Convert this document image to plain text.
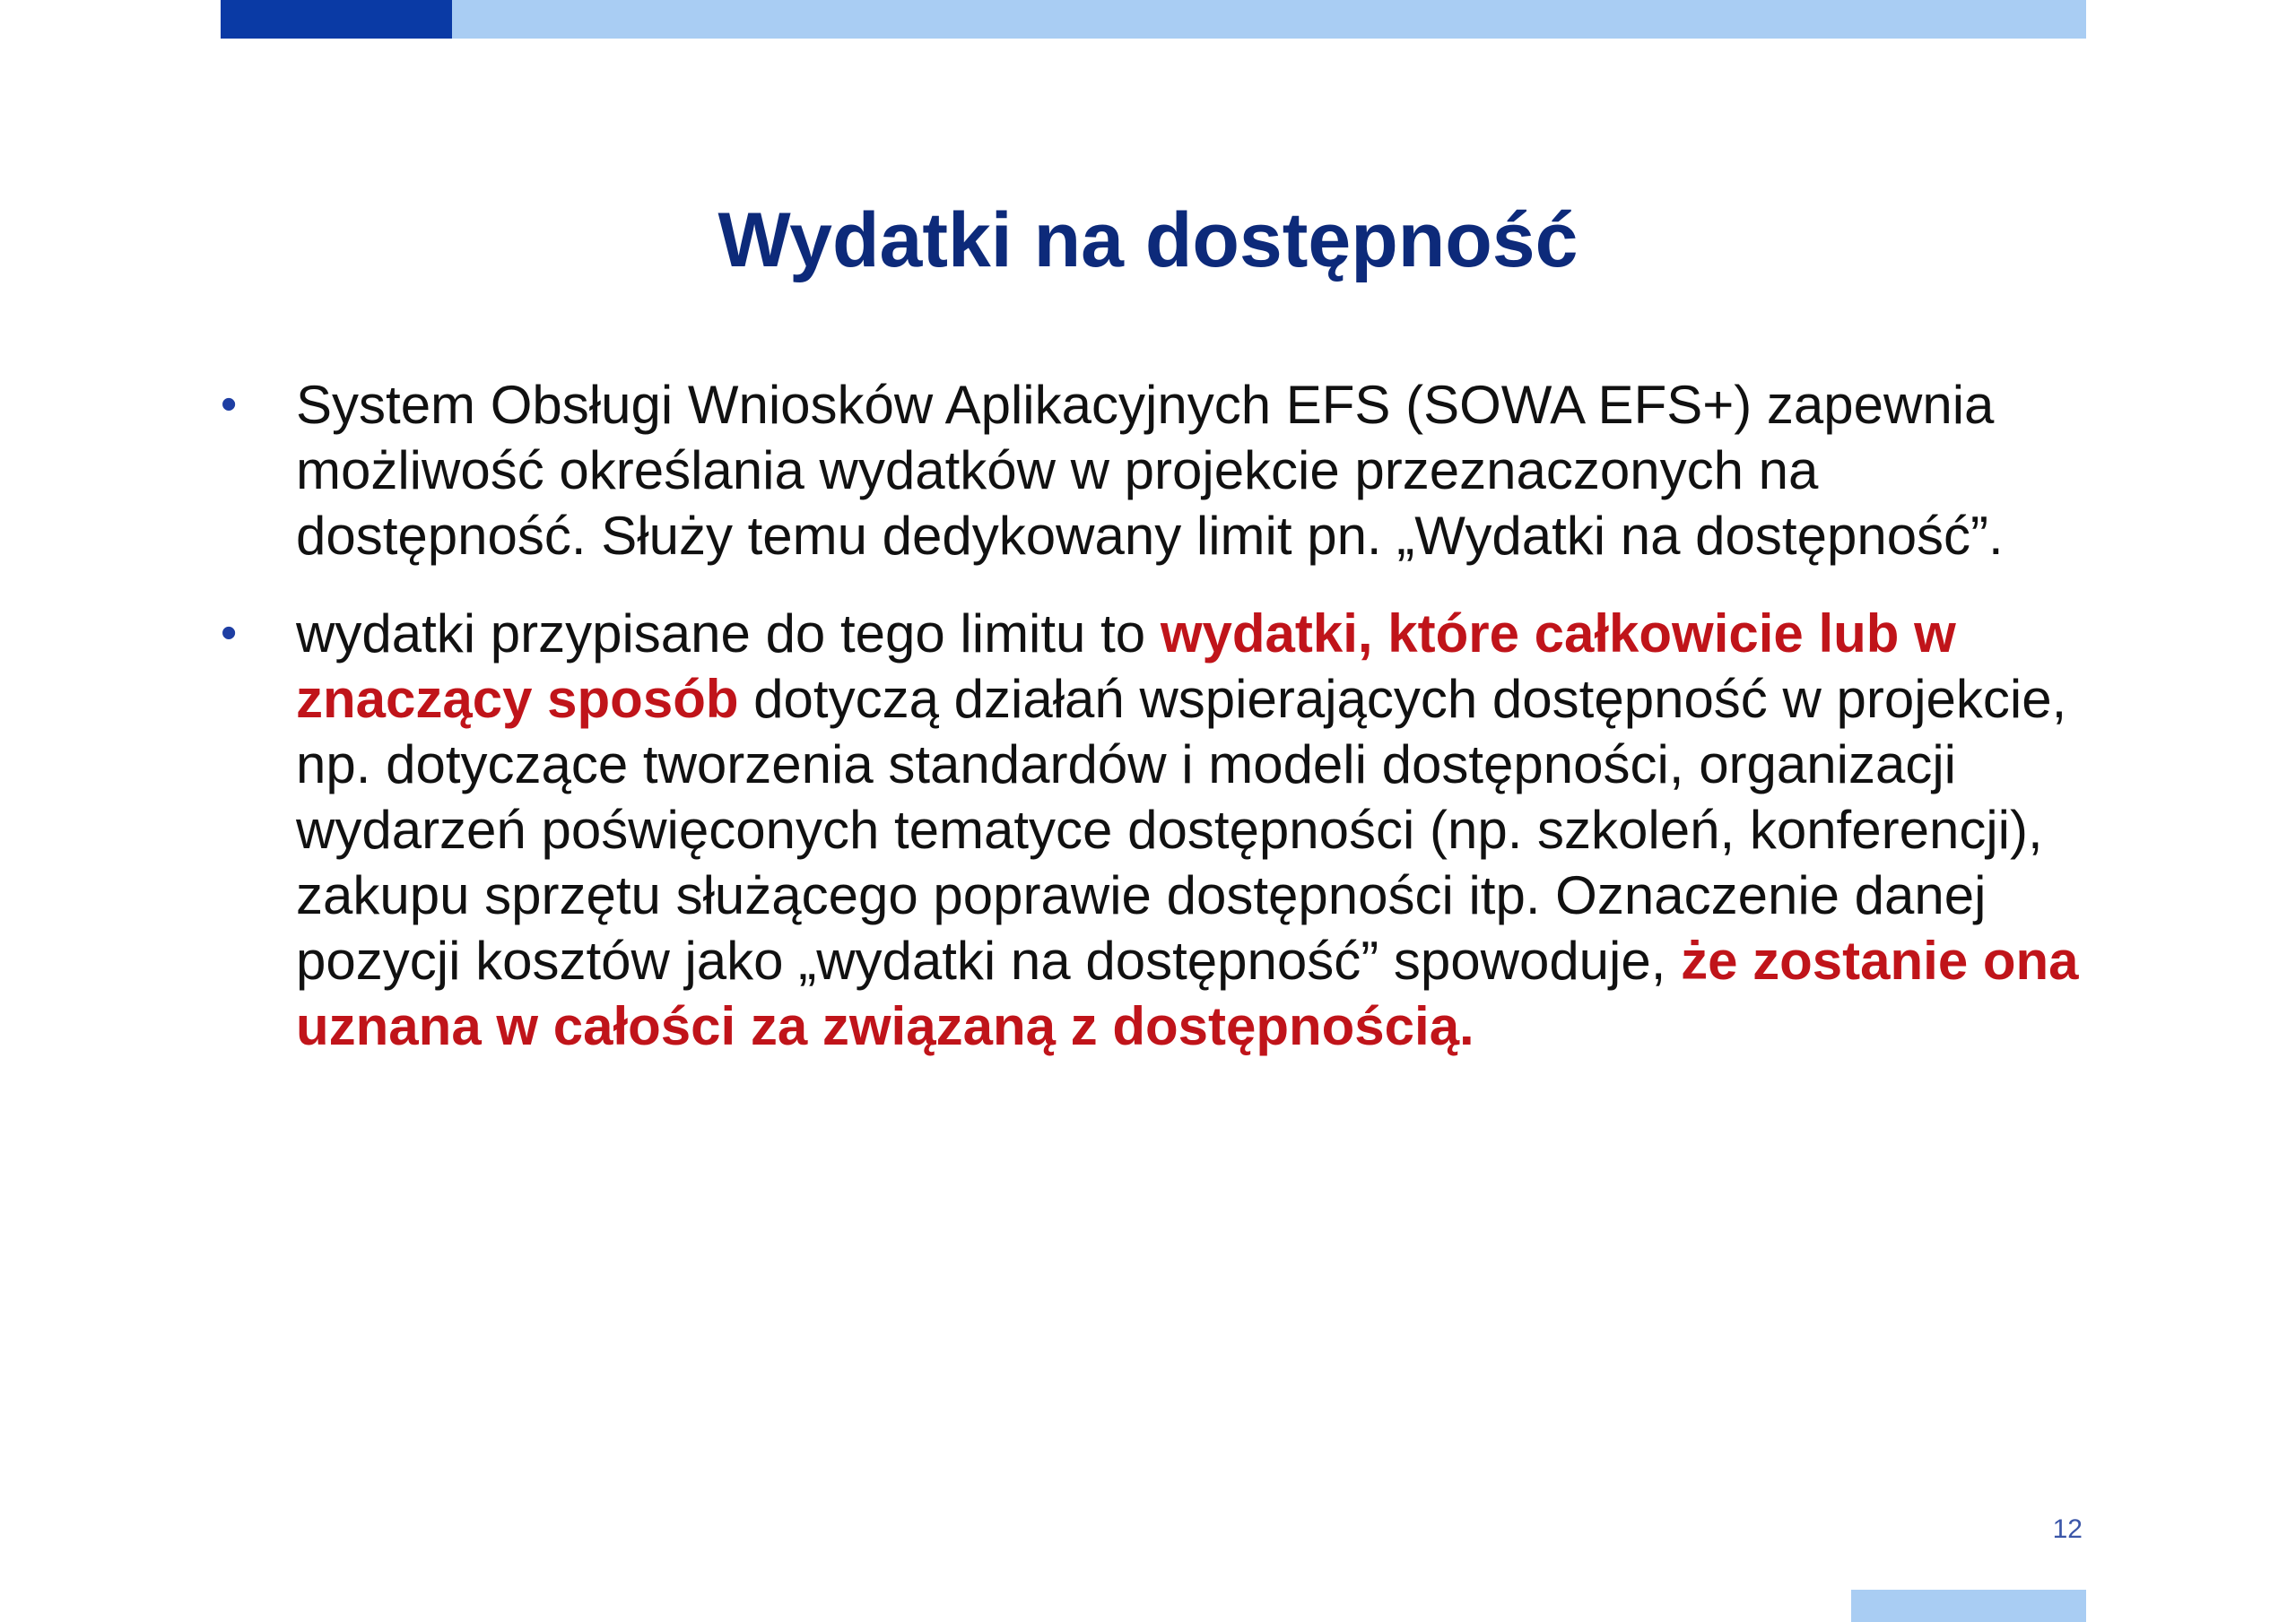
Wydatki na dostępność
• System Obsługi Wniosków Aplikacyjnych EFS (SOWA EFS+) zapewnia możliwość określania wydatków w projekcie przeznaczonych na dostępność. Służy temu dedykowany limit pn. „Wydatki na dostępność”.
• wydatki przypisane do tego limitu to wydatki, które całkowicie lub w znaczący sposób dotyczą działań wspierających dostępność w projekcie, np. dotyczące tworzenia standardów i modeli dostępności, organizacji wydarzeń poświęconych tematyce dostępności (np. szkoleń, konferencji), zakupu sprzętu służącego poprawie dostępności itp. Oznaczenie danej pozycji kosztów jako „wydatki na dostępność” spowoduje, że zostanie ona uznana w całości za związaną z dostępnością.
12
